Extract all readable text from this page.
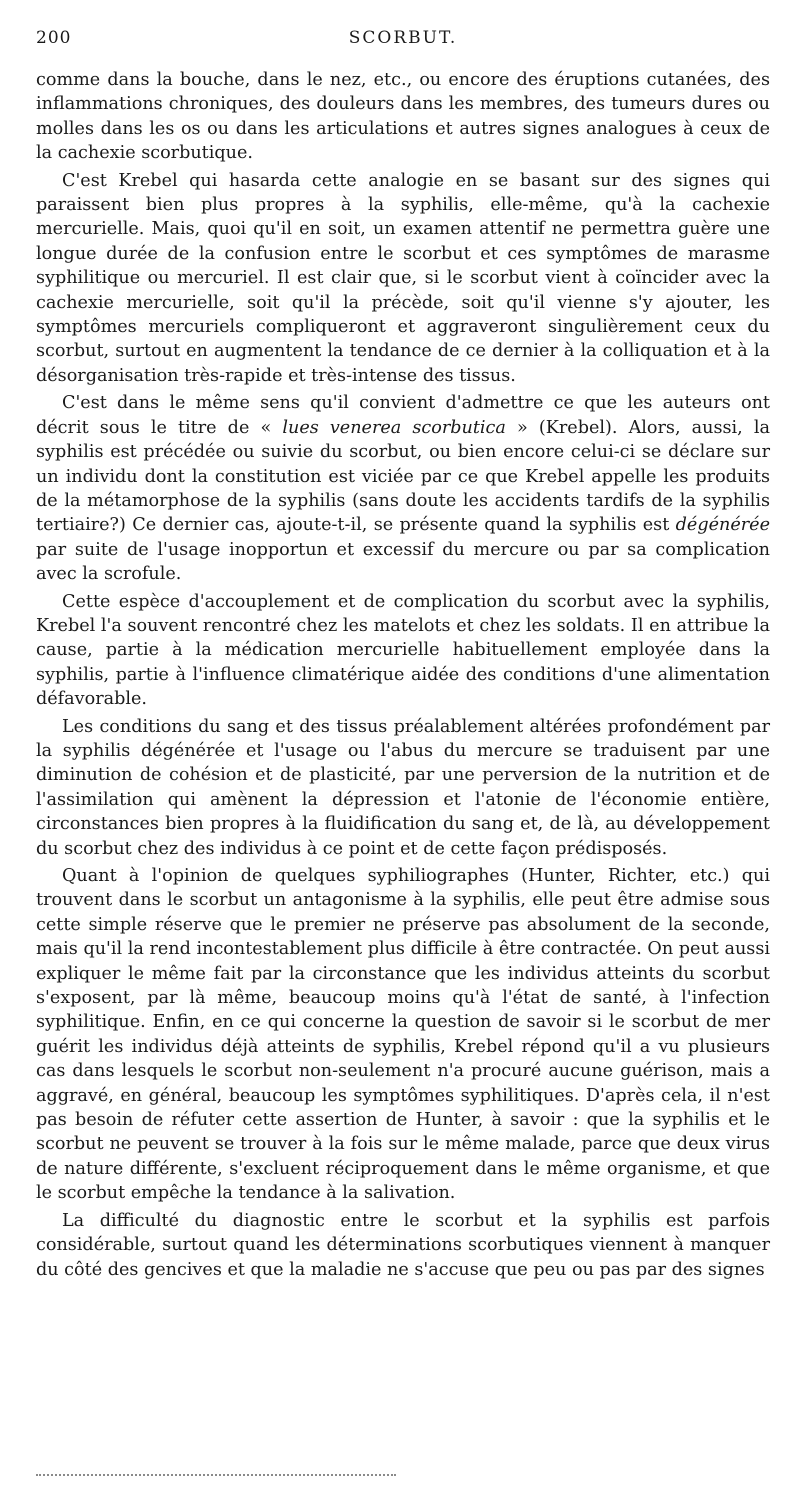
200	SCORBUT.

comme dans la bouche, dans le nez, etc., ou encore des éruptions cutanées, des inflammations chroniques, des douleurs dans les membres, des tumeurs dures ou molles dans les os ou dans les articulations et autres signes analogues à ceux de la cachexie scorbutique.

C'est Krebel qui hasarda cette analogie en se basant sur des signes qui paraissent bien plus propres à la syphilis, elle-même, qu'à la cachexie mercurielle. Mais, quoi qu'il en soit, un examen attentif ne permettra guère une longue durée de la confusion entre le scorbut et ces symptômes de marasme syphilitique ou mercuriel. Il est clair que, si le scorbut vient à coïncider avec la cachexie mercurielle, soit qu'il la précède, soit qu'il vienne s'y ajouter, les symptômes mercuriels compliqueront et aggraveront singulièrement ceux du scorbut, surtout en augmentent la tendance de ce dernier à la colliquation et à la désorganisation très-rapide et très-intense des tissus.

C'est dans le même sens qu'il convient d'admettre ce que les auteurs ont décrit sous le titre de « lues venerea scorbutica » (Krebel). Alors, aussi, la syphilis est précédée ou suivie du scorbut, ou bien encore celui-ci se déclare sur un individu dont la constitution est viciée par ce que Krebel appelle les produits de la métamorphose de la syphilis (sans doute les accidents tardifs de la syphilis tertiaire?) Ce dernier cas, ajoute-t-il, se présente quand la syphilis est dégénérée par suite de l'usage inopportun et excessif du mercure ou par sa complication avec la scrofule.

Cette espèce d'accouplement et de complication du scorbut avec la syphilis, Krebel l'a souvent rencontré chez les matelots et chez les soldats. Il en attribue la cause, partie à la médication mercurielle habituellement employée dans la syphilis, partie à l'influence climatérique aidée des conditions d'une alimentation défavorable.

Les conditions du sang et des tissus préalablement altérées profondément par la syphilis dégénérée et l'usage ou l'abus du mercure se traduisent par une diminution de cohésion et de plasticité, par une perversion de la nutrition et de l'assimilation qui amènent la dépression et l'atonie de l'économie entière, circonstances bien propres à la fluidification du sang et, de là, au développement du scorbut chez des individus à ce point et de cette façon prédisposés.

Quant à l'opinion de quelques syphiliographes (Hunter, Richter, etc.) qui trouvent dans le scorbut un antagonisme à la syphilis, elle peut être admise sous cette simple réserve que le premier ne préserve pas absolument de la seconde, mais qu'il la rend incontestablement plus difficile à être contractée. On peut aussi expliquer le même fait par la circonstance que les individus atteints du scorbut s'exposent, par là même, beaucoup moins qu'à l'état de santé, à l'infection syphilitique. Enfin, en ce qui concerne la question de savoir si le scorbut de mer guérit les individus déjà atteints de syphilis, Krebel répond qu'il a vu plusieurs cas dans lesquels le scorbut non-seulement n'a procuré aucune guérison, mais a aggravé, en général, beaucoup les symptômes syphilitiques. D'après cela, il n'est pas besoin de réfuter cette assertion de Hunter, à savoir : que la syphilis et le scorbut ne peuvent se trouver à la fois sur le même malade, parce que deux virus de nature différente, s'excluent réciproquement dans le même organisme, et que le scorbut empêche la tendance à la salivation.

La difficulté du diagnostic entre le scorbut et la syphilis est parfois considérable, surtout quand les déterminations scorbutiques viennent à manquer du côté des gencives et que la maladie ne s'accuse que peu ou pas par des signes
